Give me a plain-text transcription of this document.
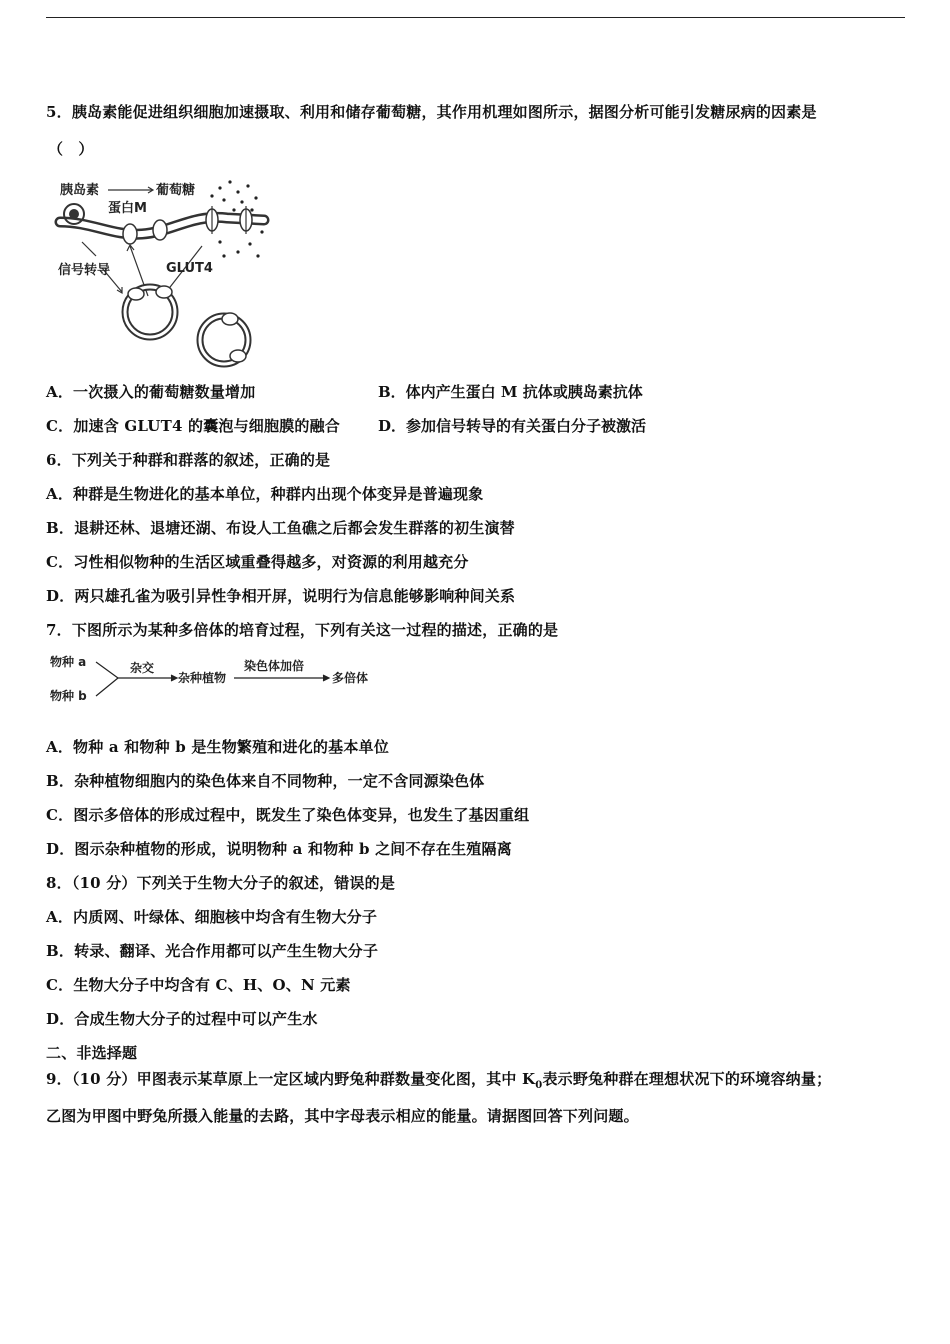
5．胰岛素能促进组织细胞加速摄取、利用和储存葡萄糖，其作用机理如图所示，据图分析可能引发糖尿病的因素是
（　）
胰岛素	葡萄糖
蛋白M
信号转导	GLUT4
A．一次摄入的葡萄糖数量增加	B．体内产生蛋白 M 抗体或胰岛素抗体
C．加速含 GLUT4 的囊泡与细胞膜的融合	D．参加信号转导的有关蛋白分子被激活
6．下列关于种群和群落的叙述，正确的是
A．种群是生物进化的基本单位，种群内出现个体变异是普遍现象
B．退耕还林、退塘还湖、布设人工鱼礁之后都会发生群落的初生演替
C．习性相似物种的生活区域重叠得越多，对资源的利用越充分
D．两只雄孔雀为吸引异性争相开屏，说明行为信息能够影响种间关系
7．下图所示为某种多倍体的培育过程，下列有关这一过程的描述，正确的是
物种 a
物种 b
杂交
杂种植物
染色体加倍
多倍体
A．物种 a 和物种 b 是生物繁殖和进化的基本单位
B．杂种植物细胞内的染色体来自不同物种，一定不含同源染色体
C．图示多倍体的形成过程中，既发生了染色体变异，也发生了基因重组
D．图示杂种植物的形成，说明物种 a 和物种 b 之间不存在生殖隔离
8．（10 分）下列关于生物大分子的叙述，错误的是
A．内质网、叶绿体、细胞核中均含有生物大分子
B．转录、翻译、光合作用都可以产生生物大分子
C．生物大分子中均含有 C、H、O、N 元素
D．合成生物大分子的过程中可以产生水
二、非选择题
9．（10 分）甲图表示某草原上一定区域内野兔种群数量变化图，其中 $K_0$表示野兔种群在理想状况下的环境容纳量；
乙图为甲图中野兔所摄入能量的去路，其中字母表示相应的能量。请据图回答下列问题。
